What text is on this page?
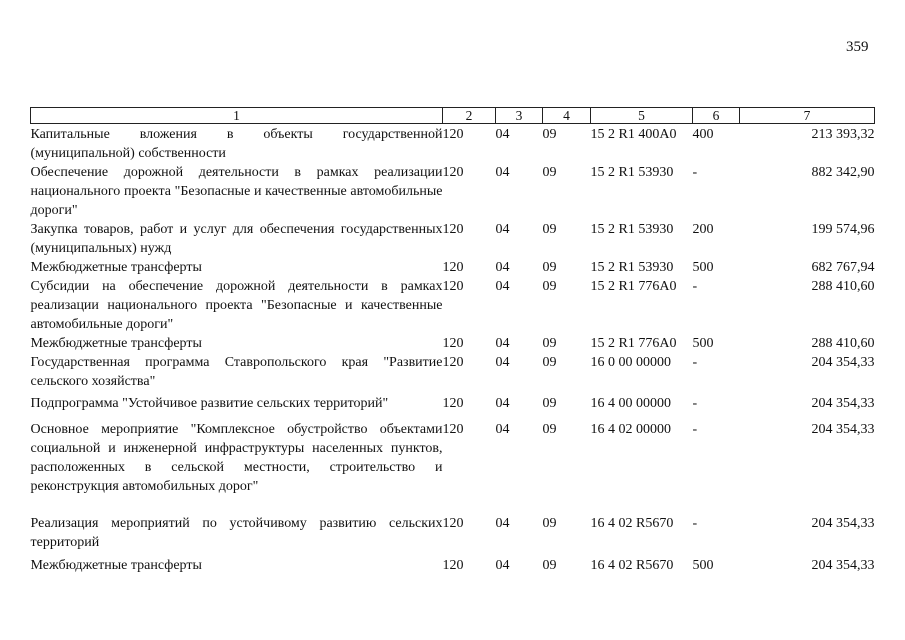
359
1	2	3	4	5	6	7
Капитальные вложения в объекты государственной (муниципальной) собственности	120	04	09	15 2 R1 400A0	400	213 393,32
Обеспечение дорожной деятельности в рамках реализации национального проекта "Безопасные и качественные автомобильные дороги"	120	04	09	15 2 R1 53930	-	882 342,90
Закупка товаров, работ и услуг для обеспечения государственных (муниципальных) нужд	120	04	09	15 2 R1 53930	200	199 574,96
Межбюджетные трансферты	120	04	09	15 2 R1 53930	500	682 767,94
Субсидии на обеспечение дорожной деятельности в рамках реализации национального проекта "Безопасные и качественные автомобильные дороги"	120	04	09	15 2 R1 776A0	-	288 410,60
Межбюджетные трансферты	120	04	09	15 2 R1 776A0	500	288 410,60
Государственная программа Ставропольского края "Развитие сельского хозяйства"	120	04	09	16 0 00 00000	-	204 354,33
Подпрограмма "Устойчивое развитие сельских территорий"	120	04	09	16 4 00 00000	-	204 354,33
Основное мероприятие "Комплексное обустройство объектами социальной и инженерной инфраструктуры населенных пунктов, расположенных в сельской местности, строительство и реконструкция автомобильных дорог"	120	04	09	16 4 02 00000	-	204 354,33
Реализация мероприятий по устойчивому развитию сельских территорий	120	04	09	16 4 02 R5670	-	204 354,33
Межбюджетные трансферты	120	04	09	16 4 02 R5670	500	204 354,33
